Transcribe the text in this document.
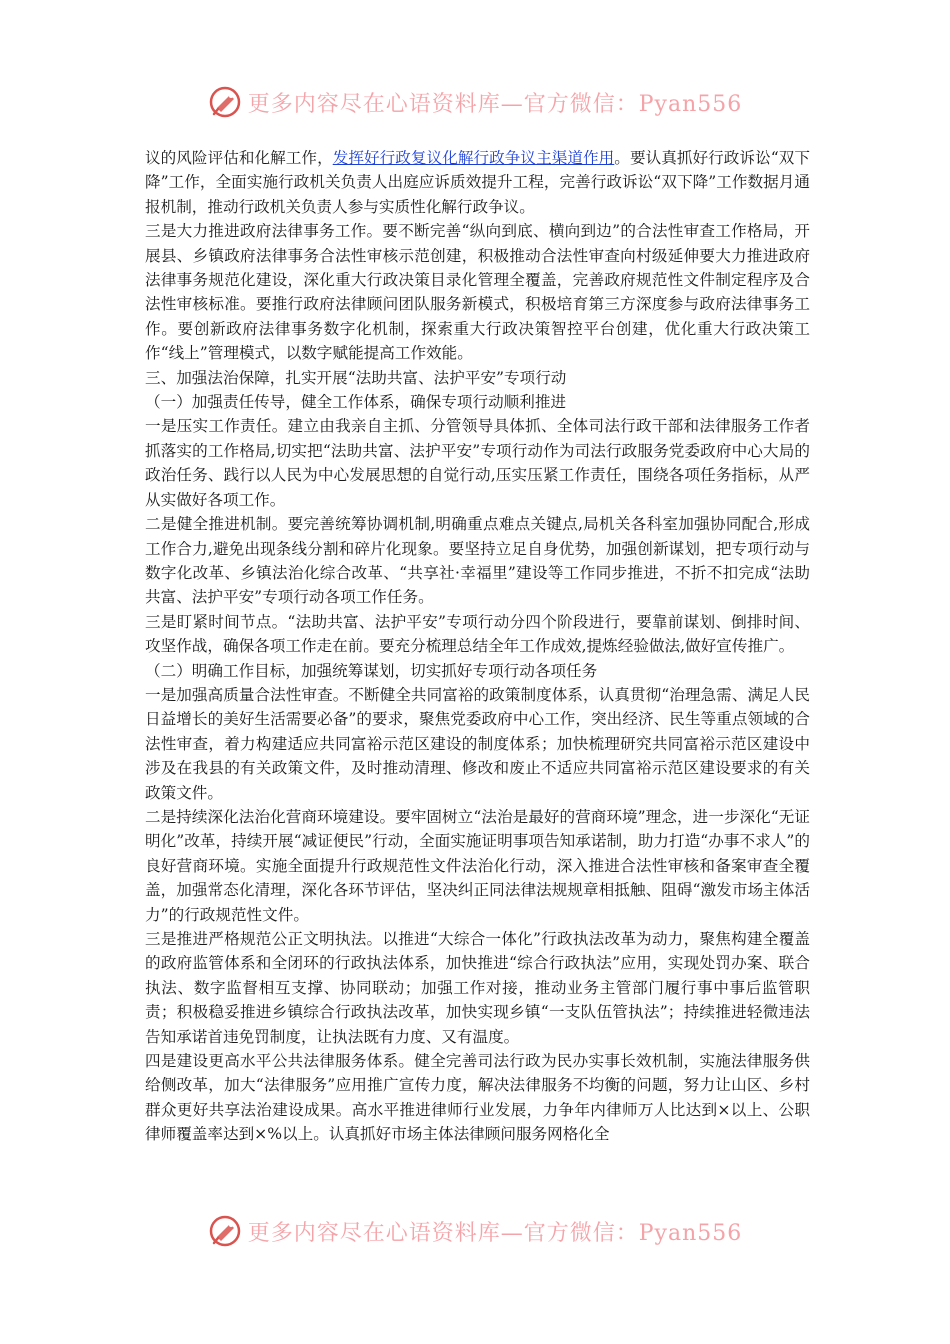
更多内容尽在心语资料库—官方微信：Pyan556

议的风险评估和化解工作，发挥好行政复议化解行政争议主渠道作用。要认真抓好行政诉讼“双下降”工作，全面实施行政机关负责人出庭应诉质效提升工程，完善行政诉讼“双下降”工作数据月通报机制，推动行政机关负责人参与实质性化解行政争议。

三是大力推进政府法律事务工作。要不断完善“纵向到底、横向到边”的合法性审查工作格局，开展县、乡镇政府法律事务合法性审核示范创建，积极推动合法性审查向村级延伸要大力推进政府法律事务规范化建设，深化重大行政决策目录化管理全覆盖，完善政府规范性文件制定程序及合法性审核标准。要推行政府法律顾问团队服务新模式，积极培育第三方深度参与政府法律事务工作。要创新政府法律事务数字化机制，探索重大行政决策智控平台创建，优化重大行政决策工作“线上”管理模式，以数字赋能提高工作效能。

三、加强法治保障，扎实开展“法助共富、法护平安”专项行动

（一）加强责任传导，健全工作体系，确保专项行动顺利推进

一是压实工作责任。建立由我亲自主抓、分管领导具体抓、全体司法行政干部和法律服务工作者抓落实的工作格局,切实把“法助共富、法护平安”专项行动作为司法行政服务党委政府中心大局的政治任务、践行以人民为中心发展思想的自觉行动,压实压紧工作责任，围绕各项任务指标，从严从实做好各项工作。

二是健全推进机制。要完善统筹协调机制,明确重点难点关键点,局机关各科室加强协同配合,形成工作合力,避免出现条线分割和碎片化现象。要坚持立足自身优势，加强创新谋划，把专项行动与数字化改革、乡镇法治化综合改革、“共享社·幸福里”建设等工作同步推进，不折不扣完成“法助共富、法护平安”专项行动各项工作任务。

三是盯紧时间节点。“法助共富、法护平安”专项行动分四个阶段进行，要靠前谋划、倒排时间、攻坚作战，确保各项工作走在前。要充分梳理总结全年工作成效,提炼经验做法,做好宣传推广。

（二）明确工作目标，加强统筹谋划，切实抓好专项行动各项任务

一是加强高质量合法性审查。不断健全共同富裕的政策制度体系，认真贯彻“治理急需、满足人民日益增长的美好生活需要必备”的要求，聚焦党委政府中心工作，突出经济、民生等重点领域的合法性审查，着力构建适应共同富裕示范区建设的制度体系；加快梳理研究共同富裕示范区建设中涉及在我县的有关政策文件，及时推动清理、修改和废止不适应共同富裕示范区建设要求的有关政策文件。

二是持续深化法治化营商环境建设。要牢固树立“法治是最好的营商环境”理念，进一步深化“无证明化”改革，持续开展“减证便民”行动，全面实施证明事项告知承诺制，助力打造“办事不求人”的良好营商环境。实施全面提升行政规范性文件法治化行动，深入推进合法性审核和备案审查全覆盖，加强常态化清理，深化各环节评估，坚决纠正同法律法规规章相抵触、阻碍“激发市场主体活力”的行政规范性文件。

三是推进严格规范公正文明执法。以推进“大综合一体化”行政执法改革为动力，聚焦构建全覆盖的政府监管体系和全闭环的行政执法体系，加快推进“综合行政执法”应用，实现处罚办案、联合执法、数字监督相互支撑、协同联动；加强工作对接，推动业务主管部门履行事中事后监管职责；积极稳妥推进乡镇综合行政执法改革，加快实现乡镇“一支队伍管执法”；持续推进轻微违法告知承诺首违免罚制度，让执法既有力度、又有温度。

四是建设更高水平公共法律服务体系。健全完善司法行政为民办实事长效机制，实施法律服务供给侧改革，加大“法律服务”应用推广宣传力度，解决法律服务不均衡的问题，努力让山区、乡村群众更好共享法治建设成果。高水平推进律师行业发展，力争年内律师万人比达到×以上、公职律师覆盖率达到×%以上。认真抓好市场主体法律顾问服务网格化全

更多内容尽在心语资料库—官方微信：Pyan556
